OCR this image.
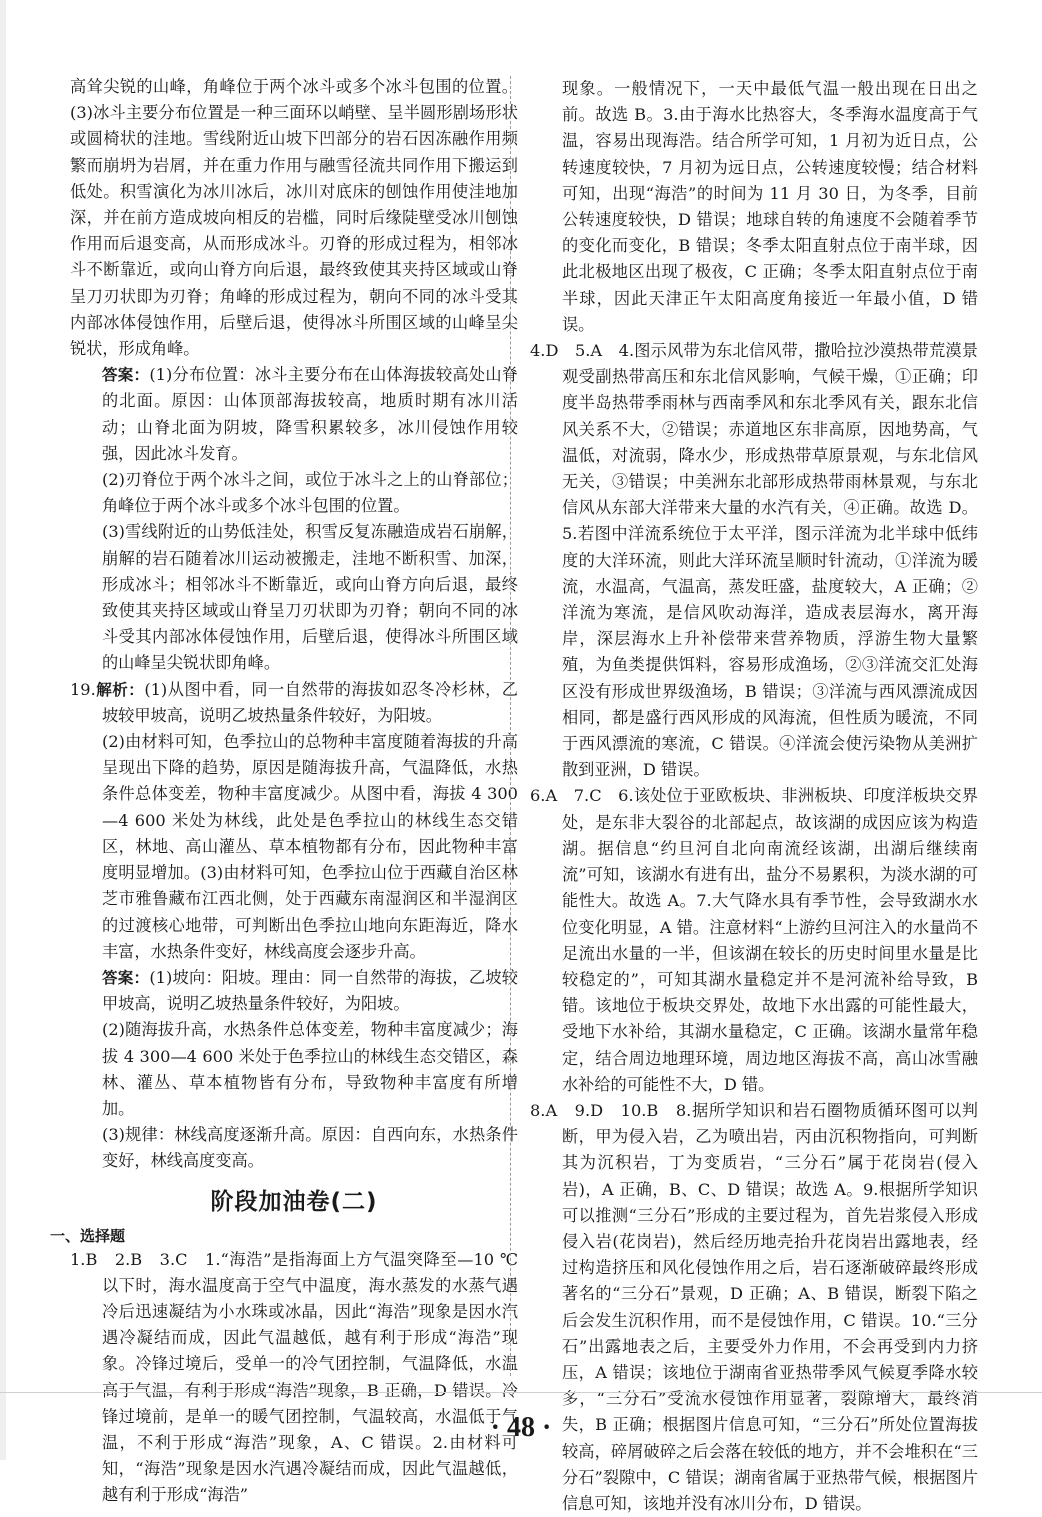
高耸尖锐的山峰，角峰位于两个冰斗或多个冰斗包围的位置。(3)冰斗主要分布位置是一种三面环以峭壁、呈半圆形剧场形状或圆椅状的洼地。雪线附近山坡下凹部分的岩石因冻融作用频繁而崩坍为岩屑，并在重力作用与融雪径流共同作用下搬运到低处。积雪演化为冰川冰后，冰川对底床的刨蚀作用使洼地加深，并在前方造成坡向相反的岩槛，同时后缘陡壁受冰川刨蚀作用而后退变高，从而形成冰斗。刃脊的形成过程为，相邻冰斗不断靠近，或向山脊方向后退，最终致使其夹持区域或山脊呈刀刃状即为刃脊；角峰的形成过程为，朝向不同的冰斗受其内部冰体侵蚀作用，后壁后退，使得冰斗所围区域的山峰呈尖锐状，形成角峰。

答案：(1)分布位置：冰斗主要分布在山体海拔较高处山脊的北面。原因：山体顶部海拔较高，地质时期有冰川活动；山脊北面为阴坡，降雪积累较多，冰川侵蚀作用较强，因此冰斗发育。

(2)刃脊位于两个冰斗之间，或位于冰斗之上的山脊部位；角峰位于两个冰斗或多个冰斗包围的位置。

(3)雪线附近的山势低洼处，积雪反复冻融造成岩石崩解，崩解的岩石随着冰川运动被搬走，洼地不断积雪、加深，形成冰斗；相邻冰斗不断靠近，或向山脊方向后退，最终致使其夹持区域或山脊呈刀刃状即为刃脊；朝向不同的冰斗受其内部冰体侵蚀作用，后壁后退，使得冰斗所围区域的山峰呈尖锐状即角峰。

19.解析：(1)从图中看，同一自然带的海拔如忍冬冷杉林，乙坡较甲坡高，说明乙坡热量条件较好，为阳坡。

(2)由材料可知，色季拉山的总物种丰富度随着海拔的升高呈现出下降的趋势，原因是随海拔升高，气温降低，水热条件总体变差，物种丰富度减少。从图中看，海拔 4 300—4 600 米处为林线，此处是色季拉山的林线生态交错区，林地、高山灌丛、草本植物都有分布，因此物种丰富度明显增加。(3)由材料可知，色季拉山位于西藏自治区林芝市雅鲁藏布江西北侧，处于西藏东南湿润区和半湿润区的过渡核心地带，可判断出色季拉山地向东距海近，降水丰富，水热条件变好，林线高度会逐步升高。

答案：(1)坡向：阳坡。理由：同一自然带的海拔，乙坡较甲坡高，说明乙坡热量条件较好，为阳坡。

(2)随海拔升高，水热条件总体变差，物种丰富度减少；海拔 4 300—4 600 米处于色季拉山的林线生态交错区，森林、灌丛、草本植物皆有分布，导致物种丰富度有所增加。

(3)规律：林线高度逐渐升高。原因：自西向东，水热条件变好，林线高度变高。

阶段加油卷(二)
一、选择题

1.B　2.B　3.C　1.“海浩”是指海面上方气温突降至—10 ℃以下时，海水温度高于空气中温度，海水蒸发的水蒸气遇冷后迅速凝结为小水珠或冰晶，因此“海浩”现象是因水汽遇冷凝结而成，因此气温越低，越有利于形成“海浩”现象。冷锋过境后，受单一的冷气团控制，气温降低，水温高于气温，有利于形成“海浩”现象，B 正确，D 错误。冷锋过境前，是单一的暖气团控制，气温较高，水温低于气温，不利于形成“海浩”现象，A、C 错误。2.由材料可知，“海浩”现象是因水汽遇冷凝结而成，因此气温越低，越有利于形成“海浩”

现象。一般情况下，一天中最低气温一般出现在日出之前。故选 B。3.由于海水比热容大，冬季海水温度高于气温，容易出现海浩。结合所学可知，1 月初为近日点，公转速度较快，7 月初为远日点，公转速度较慢；结合材料可知，出现“海浩”的时间为 11 月 30 日，为冬季，目前公转速度较快，D 错误；地球自转的角速度不会随着季节的变化而变化，B 错误；冬季太阳直射点位于南半球，因此北极地区出现了极夜，C 正确；冬季太阳直射点位于南半球，因此天津正午太阳高度角接近一年最小值，D 错误。

4.D　5.A　4.图示风带为东北信风带，撒哈拉沙漠热带荒漠景观受副热带高压和东北信风影响，气候干燥，①正确；印度半岛热带季雨林与西南季风和东北季风有关，跟东北信风关系不大，②错误；赤道地区东非高原，因地势高，气温低，对流弱，降水少，形成热带草原景观，与东北信风无关，③错误；中美洲东北部形成热带雨林景观，与东北信风从东部大洋带来大量的水汽有关，④正确。故选 D。5.若图中洋流系统位于太平洋，图示洋流为北半球中低纬度的大洋环流，则此大洋环流呈顺时针流动，①洋流为暖流，水温高，气温高，蒸发旺盛，盐度较大，A 正确；②洋流为寒流，是信风吹动海洋，造成表层海水，离开海岸，深层海水上升补偿带来营养物质，浮游生物大量繁殖，为鱼类提供饵料，容易形成渔场，②③洋流交汇处海区没有形成世界级渔场，B 错误；③洋流与西风漂流成因相同，都是盛行西风形成的风海流，但性质为暖流，不同于西风漂流的寒流，C 错误。④洋流会使污染物从美洲扩散到亚洲，D 错误。

6.A　7.C　6.该处位于亚欧板块、非洲板块、印度洋板块交界处，是东非大裂谷的北部起点，故该湖的成因应该为构造湖。据信息“约旦河自北向南流经该湖，出湖后继续南流”可知，该湖水有进有出，盐分不易累积，为淡水湖的可能性大。故选 A。7.大气降水具有季节性，会导致湖水水位变化明显，A 错。注意材料“上游约旦河注入的水量尚不足流出水量的一半，但该湖在较长的历史时间里水量是比较稳定的”，可知其湖水量稳定并不是河流补给导致，B 错。该地位于板块交界处，故地下水出露的可能性最大，受地下水补给，其湖水量稳定，C 正确。该湖水量常年稳定，结合周边地理环境，周边地区海拔不高，高山冰雪融水补给的可能性不大，D 错。

8.A　9.D　10.B　8.据所学知识和岩石圈物质循环图可以判断，甲为侵入岩，乙为喷出岩，丙由沉积物指向，可判断其为沉积岩，丁为变质岩，“三分石”属于花岗岩(侵入岩)，A 正确，B、C、D 错误；故选 A。9.根据所学知识可以推测“三分石”形成的主要过程为，首先岩浆侵入形成侵入岩(花岗岩)，然后经历地壳抬升花岗岩出露地表，经过构造挤压和风化侵蚀作用之后，岩石逐渐破碎最终形成著名的“三分石”景观，D 正确；A、B 错误，断裂下陷之后会发生沉积作用，而不是侵蚀作用，C 错误。10.“三分石”出露地表之后，主要受外力作用，不会再受到内力挤压，A 错误；该地位于湖南省亚热带季风气候夏季降水较多，“三分石”受流水侵蚀作用显著，裂隙增大，最终消失，B 正确；根据图片信息可知，“三分石”所处位置海拔较高，碎屑破碎之后会落在较低的地方，并不会堆积在“三分石”裂隙中，C 错误；湖南省属于亚热带气候，根据图片信息可知，该地并没有冰川分布，D 错误。

· 48 ·
